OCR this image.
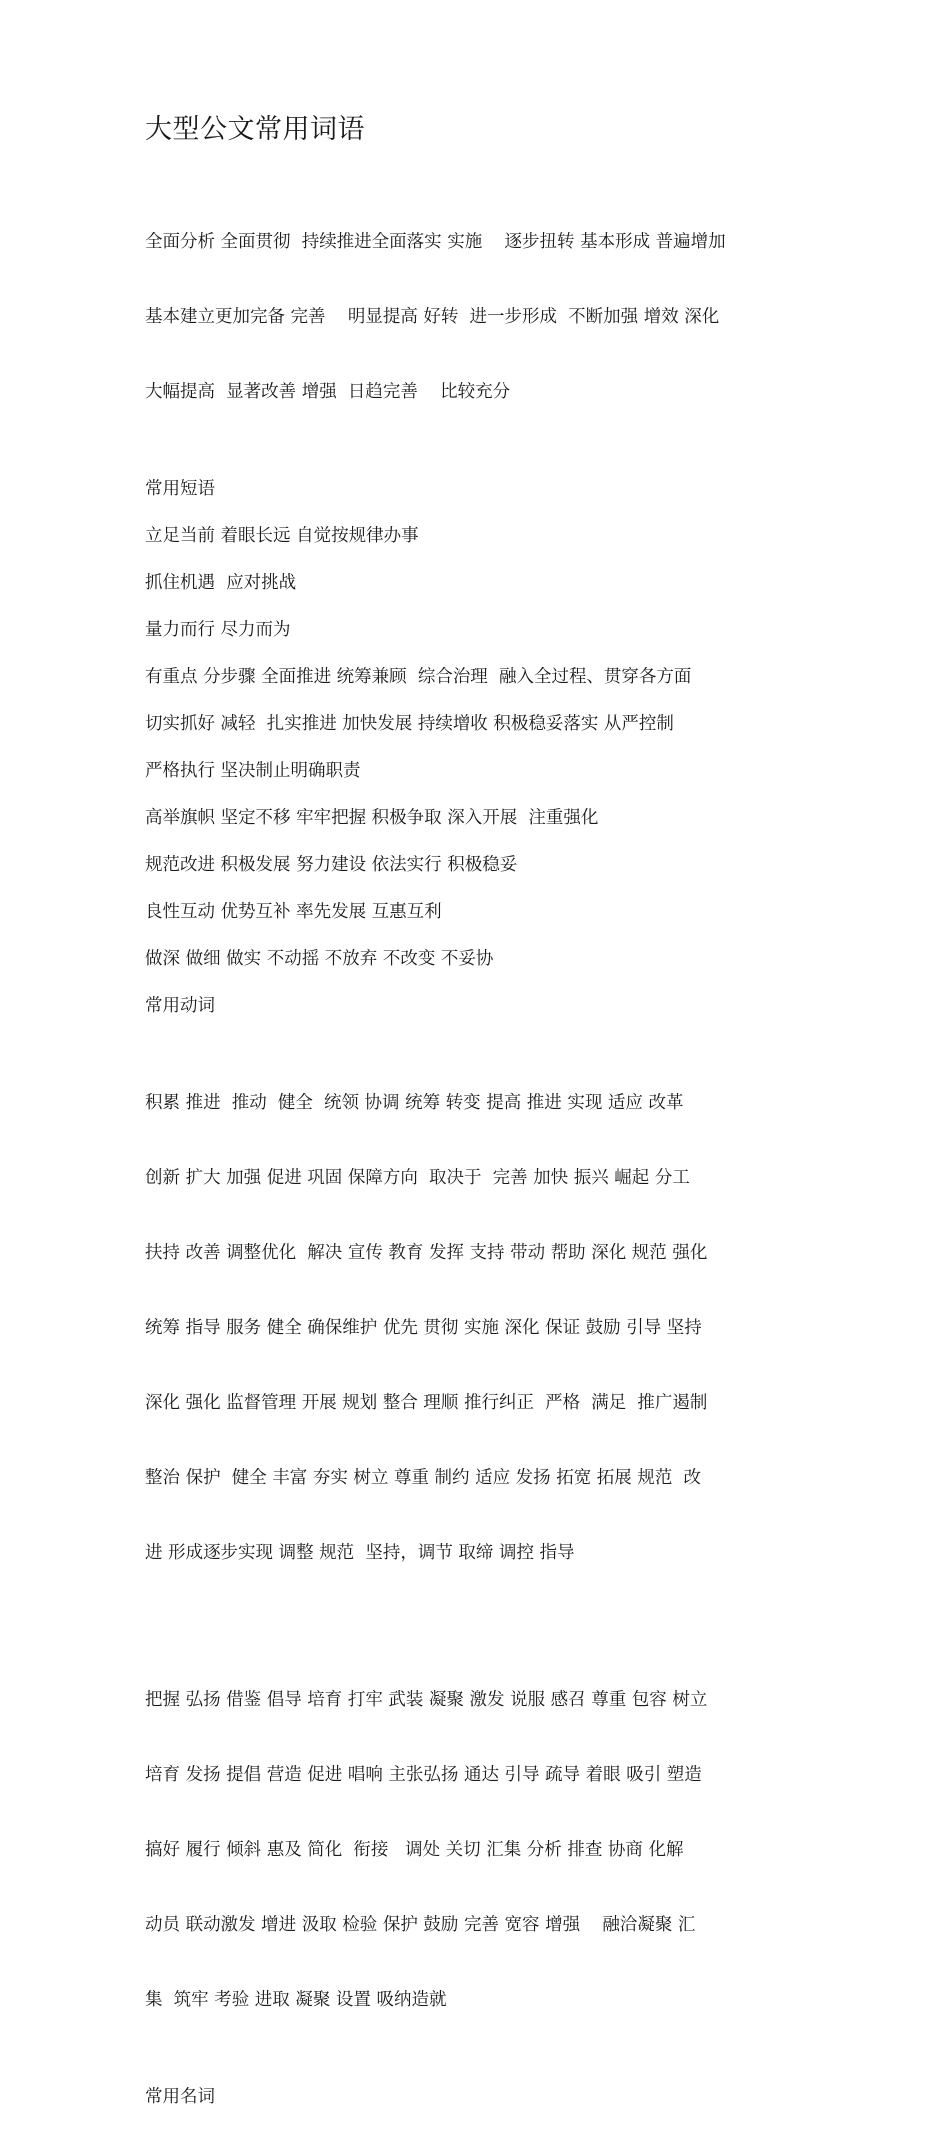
大型公文常用词语

全面分析 全面贯彻  持续推进全面落实 实施    逐步扭转 基本形成 普遍增加

基本建立更加完备 完善    明显提高 好转  进一步形成  不断加强 增效 深化

大幅提高  显著改善 增强  日趋完善    比较充分

常用短语
立足当前 着眼长远 自觉按规律办事
抓住机遇  应对挑战
量力而行 尽力而为
有重点 分步骤 全面推进 统筹兼顾  综合治理  融入全过程、贯穿各方面
切实抓好 减轻  扎实推进 加快发展 持续增收 积极稳妥落实 从严控制
严格执行 坚决制止明确职责
高举旗帜 坚定不移 牢牢把握 积极争取 深入开展  注重强化
规范改进 积极发展 努力建设 依法实行 积极稳妥
良性互动 优势互补 率先发展 互惠互利
做深 做细 做实 不动摇 不放弃 不改变 不妥协
常用动词

积累 推进  推动  健全  统领 协调 统筹 转变 提高 推进 实现 适应 改革

创新 扩大 加强 促进 巩固 保障方向  取决于  完善 加快 振兴 崛起 分工

扶持 改善 调整优化  解决 宣传 教育 发挥 支持 带动 帮助 深化 规范 强化

统筹 指导 服务 健全 确保维护 优先 贯彻 实施 深化 保证 鼓励 引导 坚持

深化 强化 监督管理 开展 规划 整合 理顺 推行纠正  严格  满足  推广遏制

整治 保护  健全 丰富 夯实 树立 尊重 制约 适应 发扬 拓宽 拓展 规范  改

进 形成逐步实现 调整 规范  坚持，调节 取缔 调控 指导

把握 弘扬 借鉴 倡导 培育 打牢 武装 凝聚 激发 说服 感召 尊重 包容 树立

培育 发扬 提倡 营造 促进 唱响 主张弘扬 通达 引导 疏导 着眼 吸引 塑造

搞好 履行 倾斜 惠及 简化  衔接   调处 关切 汇集 分析 排查 协商 化解

动员 联动激发 增进 汲取 检验 保护 鼓励 完善 宽容 增强    融洽凝聚 汇

集  筑牢 考验 进取 凝聚 设置 吸纳造就

常用名词
